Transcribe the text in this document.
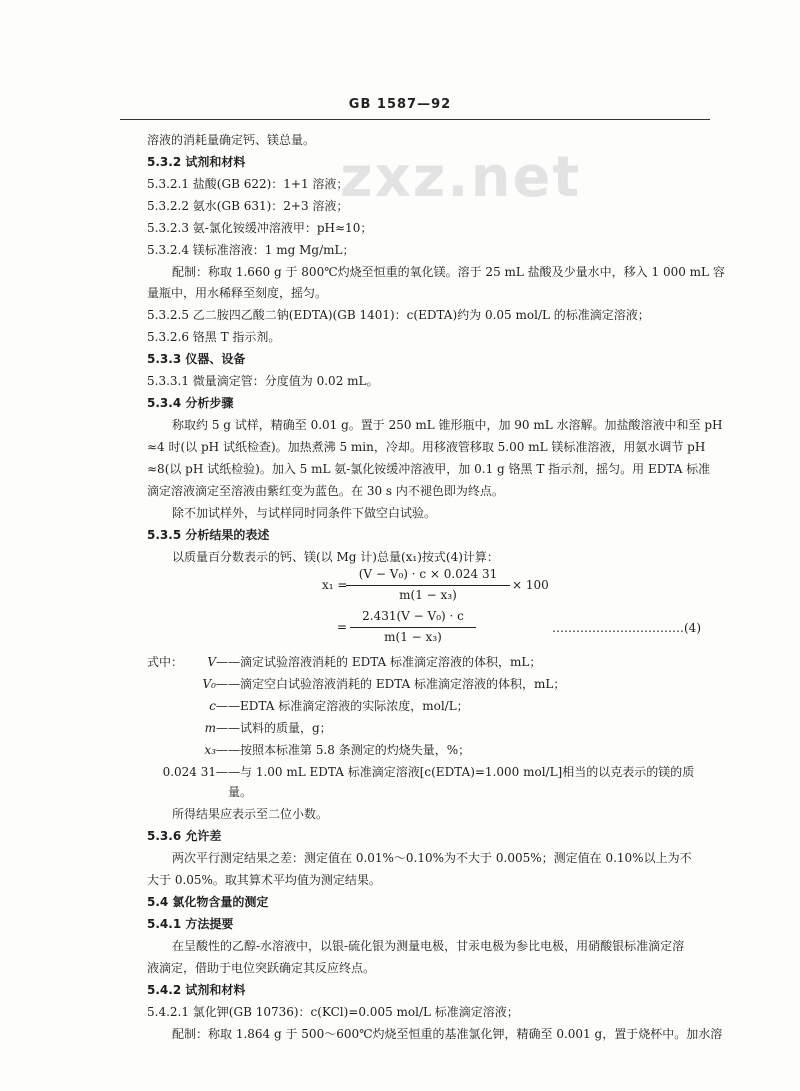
GB 1587—92
zxz.net
溶液的消耗量确定钙、镁总量。
5.3.2 试剂和材料
5.3.2.1 盐酸(GB 622)：1+1 溶液；
5.3.2.2 氨水(GB 631)：2+3 溶液；
5.3.2.3 氨-氯化铵缓冲溶液甲：pH≈10；
5.3.2.4 镁标准溶液：1 mg Mg/mL；
配制：称取 1.660 g 于 800℃灼烧至恒重的氧化镁。溶于 25 mL 盐酸及少量水中，移入 1 000 mL 容
量瓶中，用水稀释至刻度，摇匀。
5.3.2.5 乙二胺四乙酸二钠(EDTA)(GB 1401)：c(EDTA)约为 0.05 mol/L 的标准滴定溶液；
5.3.2.6 铬黑 T 指示剂。
5.3.3 仪器、设备
5.3.3.1 微量滴定管：分度值为 0.02 mL。
5.3.4 分析步骤
称取约 5 g 试样，精确至 0.01 g。置于 250 mL 锥形瓶中，加 90 mL 水溶解。加盐酸溶液中和至 pH
≈4 时(以 pH 试纸检查)。加热煮沸 5 min，冷却。用移液管移取 5.00 mL 镁标准溶液，用氨水调节 pH
≈8(以 pH 试纸检验)。加入 5 mL 氨-氯化铵缓冲溶液甲，加 0.1 g 铬黑 T 指示剂，摇匀。用 EDTA 标准
滴定溶液滴定至溶液由紫红变为蓝色。在 30 s 内不褪色即为终点。
除不加试样外，与试样同时同条件下做空白试验。
5.3.5 分析结果的表述
以质量百分数表示的钙、镁(以 Mg 计)总量(x₁)按式(4)计算：
x₁ =
(V − V₀) · c × 0.024 31
m(1 − x₃)
× 100
=
2.431(V − V₀) · c
m(1 − x₃)
……………………………(4)
式中：	V——滴定试验溶液消耗的 EDTA 标准滴定溶液的体积，mL；
V₀——滴定空白试验溶液消耗的 EDTA 标准滴定溶液的体积，mL；
c——EDTA 标准滴定溶液的实际浓度，mol/L；
m——试料的质量，g；
x₃——按照本标准第 5.8 条测定的灼烧失量，%；
0.024 31——与 1.00 mL EDTA 标准滴定溶液[c(EDTA)=1.000 mol/L]相当的以克表示的镁的质
量。
所得结果应表示至二位小数。
5.3.6 允许差
两次平行测定结果之差：测定值在 0.01%～0.10%为不大于 0.005%；测定值在 0.10%以上为不
大于 0.05%。取其算术平均值为测定结果。
5.4 氯化物含量的测定
5.4.1 方法提要
在呈酸性的乙醇-水溶液中，以银-硫化银为测量电极，甘汞电极为参比电极，用硝酸银标准滴定溶
液滴定，借助于电位突跃确定其反应终点。
5.4.2 试剂和材料
5.4.2.1 氯化钾(GB 10736)：c(KCl)=0.005 mol/L 标准滴定溶液；
配制：称取 1.864 g 于 500～600℃灼烧至恒重的基准氯化钾，精确至 0.001 g，置于烧杯中。加水溶
